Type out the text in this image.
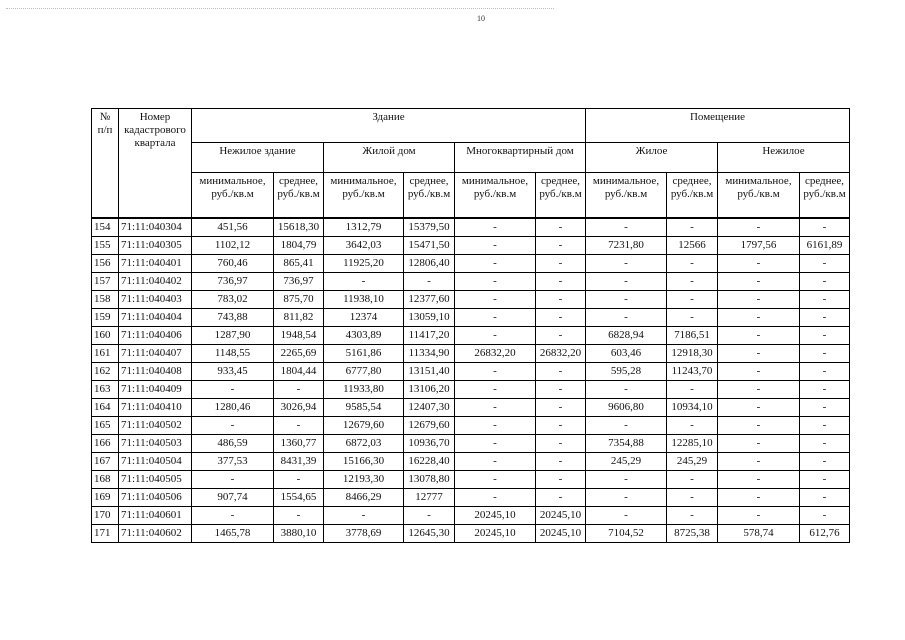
10
№ п/п	Номер кадастрового квартала	Здание						Помещение			
		Нежилое здание		Жилой дом		Многоквартирный дом		Жилое		Нежилое	
		минимальное, руб./кв.м	среднее, руб./кв.м	минимальное, руб./кв.м	среднее, руб./кв.м	минимальное, руб./кв.м	среднее, руб./кв.м	минимальное, руб./кв.м	среднее, руб./кв.м	минимальное, руб./кв.м	среднее, руб./кв.м
154	71:11:040304	451,56	15618,30	1312,79	15379,50	-	-	-	-	-	-
155	71:11:040305	1102,12	1804,79	3642,03	15471,50	-	-	7231,80	12566	1797,56	6161,89
156	71:11:040401	760,46	865,41	11925,20	12806,40	-	-	-	-	-	-
157	71:11:040402	736,97	736,97	-	-	-	-	-	-	-	-
158	71:11:040403	783,02	875,70	11938,10	12377,60	-	-	-	-	-	-
159	71:11:040404	743,88	811,82	12374	13059,10	-	-	-	-	-	-
160	71:11:040406	1287,90	1948,54	4303,89	11417,20	-	-	6828,94	7186,51	-	-
161	71:11:040407	1148,55	2265,69	5161,86	11334,90	26832,20	26832,20	603,46	12918,30	-	-
162	71:11:040408	933,45	1804,44	6777,80	13151,40	-	-	595,28	11243,70	-	-
163	71:11:040409	-	-	11933,80	13106,20	-	-	-	-	-	-
164	71:11:040410	1280,46	3026,94	9585,54	12407,30	-	-	9606,80	10934,10	-	-
165	71:11:040502	-	-	12679,60	12679,60	-	-	-	-	-	-
166	71:11:040503	486,59	1360,77	6872,03	10936,70	-	-	7354,88	12285,10	-	-
167	71:11:040504	377,53	8431,39	15166,30	16228,40	-	-	245,29	245,29	-	-
168	71:11:040505	-	-	12193,30	13078,80	-	-	-	-	-	-
169	71:11:040506	907,74	1554,65	8466,29	12777	-	-	-	-	-	-
170	71:11:040601	-	-	-	-	20245,10	20245,10	-	-	-	-
171	71:11:040602	1465,78	3880,10	3778,69	12645,30	20245,10	20245,10	7104,52	8725,38	578,74	612,76
